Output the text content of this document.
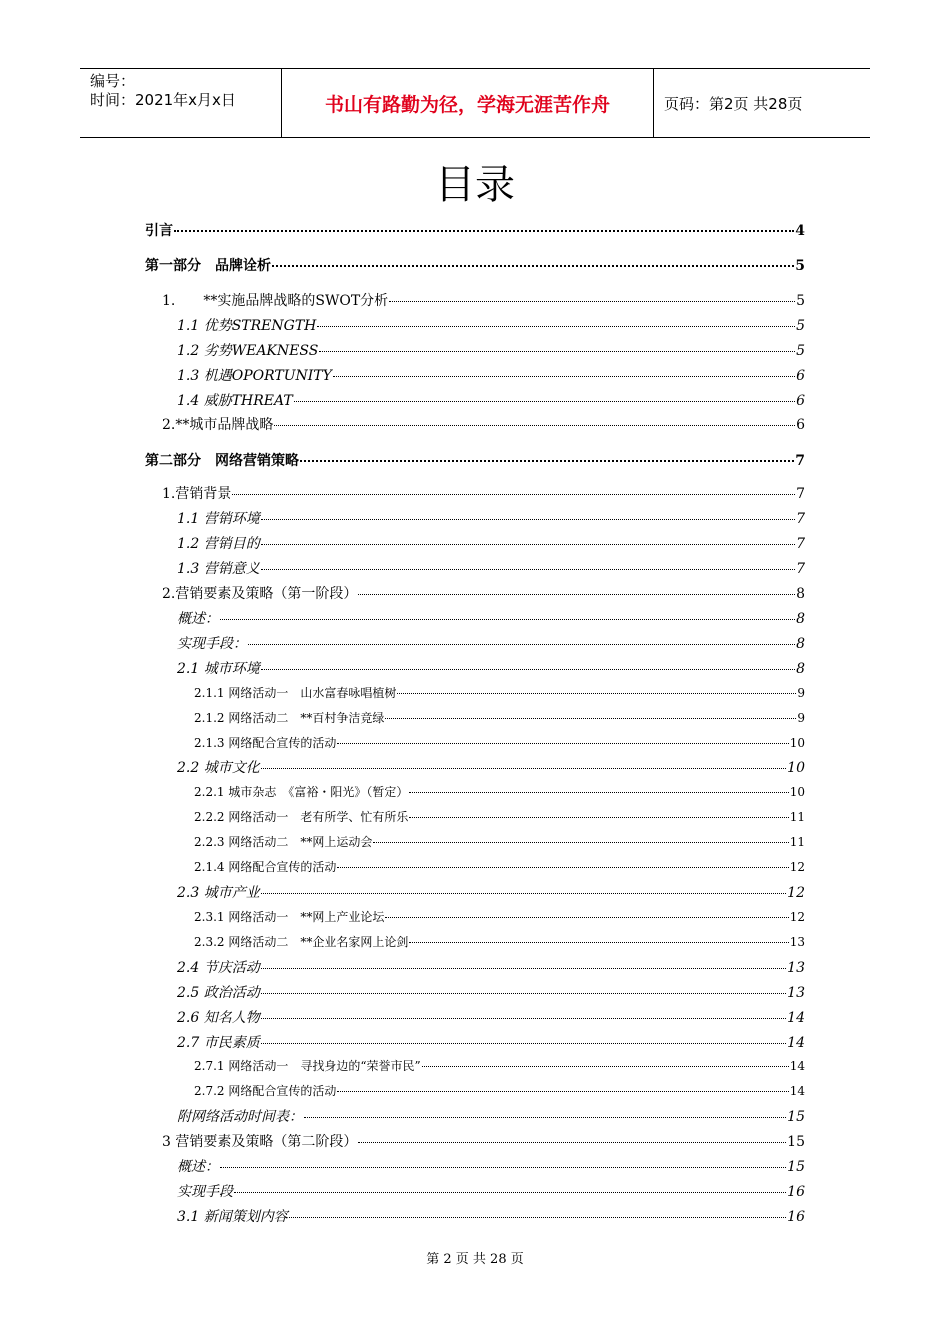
编号：
时间：2021年x月x日	书山有路勤为径，学海无涯苦作舟	页码：第2页 共28页
目录
引言	4
第一部分　品牌诠析	5
1.　　**实施品牌战略的SWOT分析	5
1.1 优势STRENGTH	5
1.2 劣势WEAKNESS	5
1.3 机遇OPORTUNITY	6
1.4 威胁THREAT	6
2.**城市品牌战略	6
第二部分　网络营销策略	7
1.营销背景	7
1.1 营销环境	7
1.2 营销目的	7
1.3 营销意义	7
2.营销要素及策略（第一阶段）	8
概述：	8
实现手段：	8
2.1 城市环境	8
2.1.1 网络活动一　山水富春咏唱植树	9
2.1.2 网络活动二　**百村争洁竞绿	9
2.1.3 网络配合宣传的活动	10
2.2 城市文化	10
2.2.1 城市杂志　《富裕・阳光》（暂定）	10
2.2.2 网络活动一　老有所学、忙有所乐	11
2.2.3 网络活动二　**网上运动会	11
2.1.4 网络配合宣传的活动	12
2.3 城市产业	12
2.3.1 网络活动一　**网上产业论坛	12
2.3.2 网络活动二　**企业名家网上论剑	13
2.4 节庆活动	13
2.5 政治活动	13
2.6 知名人物	14
2.7 市民素质	14
2.7.1 网络活动一　寻找身边的“荣誉市民”	14
2.7.2 网络配合宣传的活动	14
附网络活动时间表：	15
3 营销要素及策略（第二阶段）	15
概述：	15
实现手段	16
3.1 新闻策划内容	16
第 2 页 共 28 页
